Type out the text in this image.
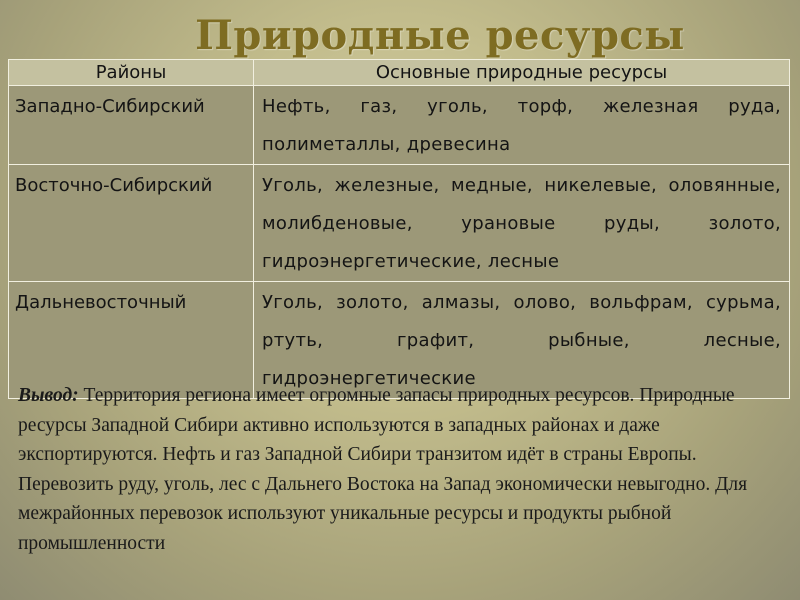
Природные ресурсы
Районы	Основные природные ресурсы
Западно-Сибирский	Нефть, газ, уголь, торф, железная руда, полиметаллы, древесина
Восточно-Сибирский	Уголь, железные, медные, никелевые, оловянные, молибденовые, урановые руды, золото, гидроэнергетические, лесные
Дальневосточный	Уголь, золото, алмазы, олово, вольфрам, сурьма, ртуть, графит, рыбные, лесные, гидроэнергетические
Вывод: Территория региона имеет огромные запасы природных ресурсов. Природные ресурсы Западной Сибири активно используются в западных районах и даже экспортируются. Нефть и газ Западной Сибири транзитом идёт в страны Европы. Перевозить руду, уголь, лес с Дальнего Востока на Запад экономически невыгодно. Для межрайонных перевозок используют уникальные ресурсы и продукты рыбной промышленности
